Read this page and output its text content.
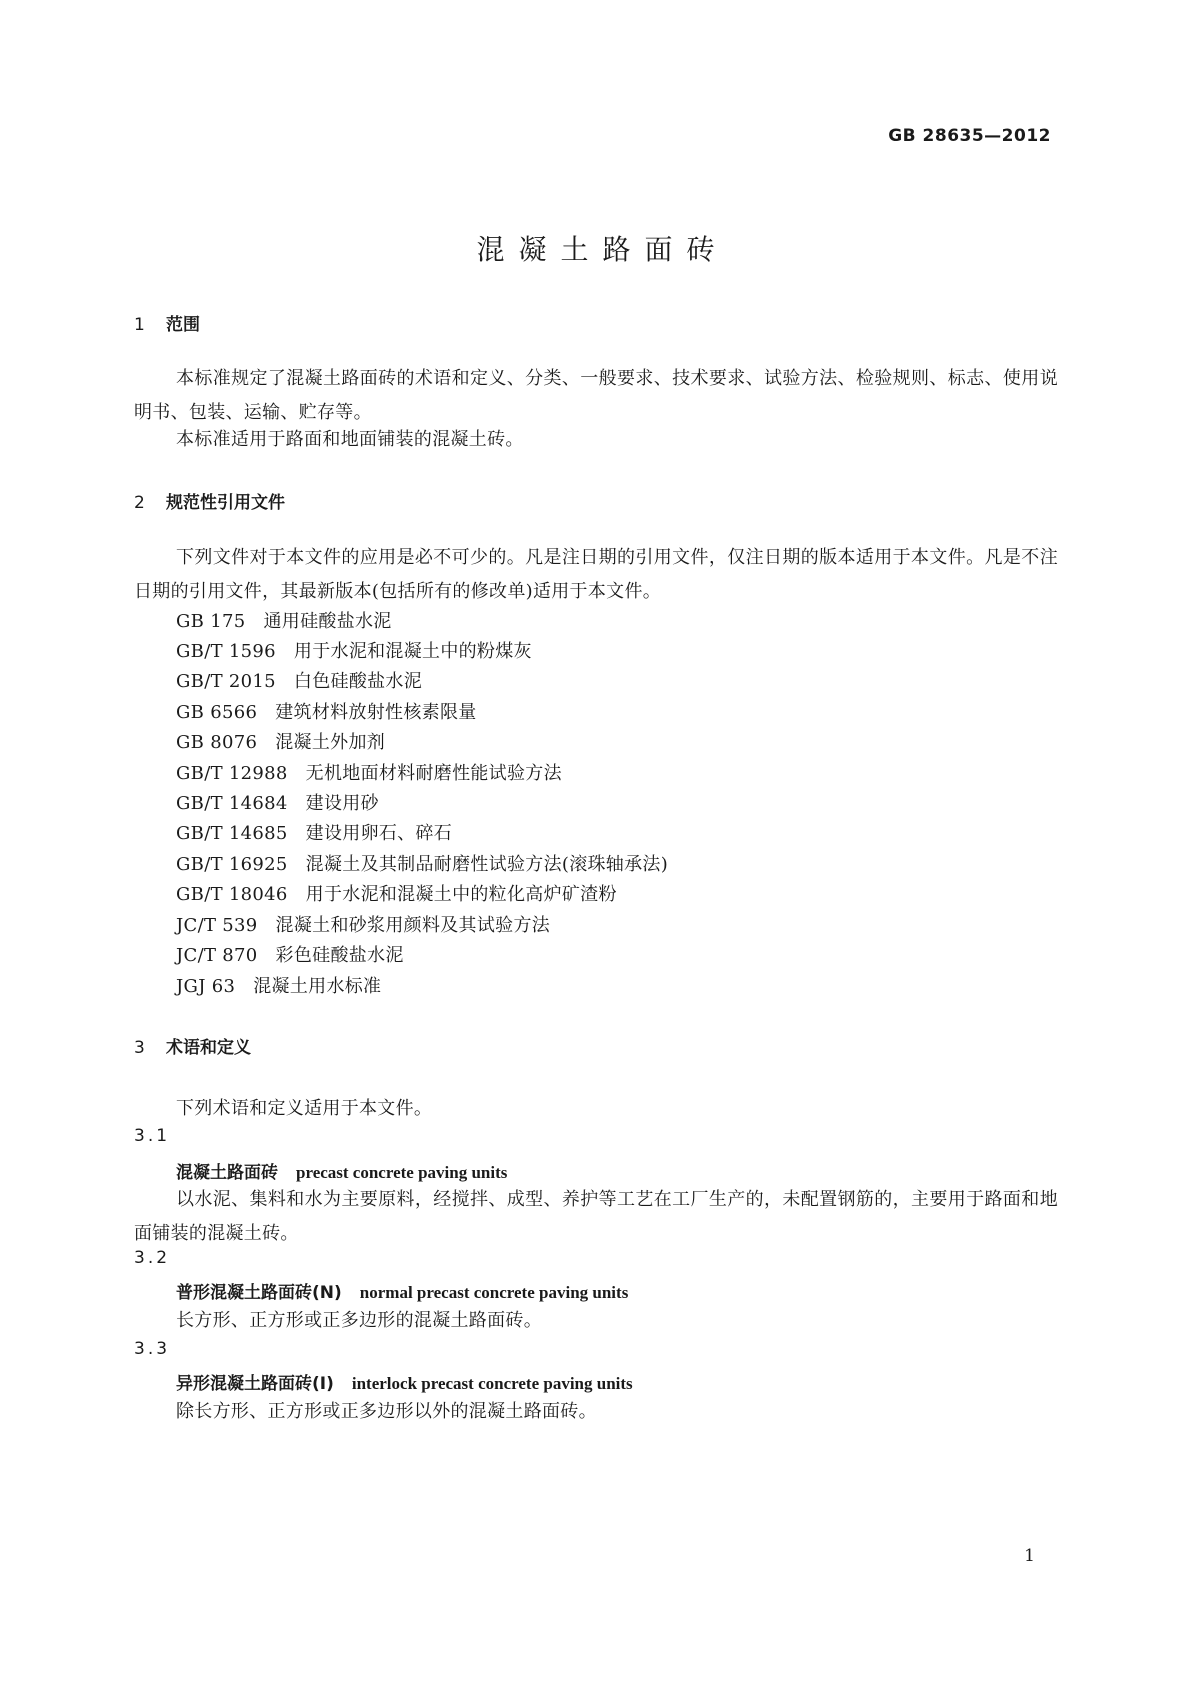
GB 28635—2012
混凝土路面砖
1 范围
本标准规定了混凝土路面砖的术语和定义、分类、一般要求、技术要求、试验方法、检验规则、标志、使用说明书、包装、运输、贮存等。
本标准适用于路面和地面铺装的混凝土砖。
2 规范性引用文件
下列文件对于本文件的应用是必不可少的。凡是注日期的引用文件，仅注日期的版本适用于本文件。凡是不注日期的引用文件，其最新版本(包括所有的修改单)适用于本文件。
GB 175 通用硅酸盐水泥
GB/T 1596 用于水泥和混凝土中的粉煤灰
GB/T 2015 白色硅酸盐水泥
GB 6566 建筑材料放射性核素限量
GB 8076 混凝土外加剂
GB/T 12988 无机地面材料耐磨性能试验方法
GB/T 14684 建设用砂
GB/T 14685 建设用卵石、碎石
GB/T 16925 混凝土及其制品耐磨性试验方法(滚珠轴承法)
GB/T 18046 用于水泥和混凝土中的粒化高炉矿渣粉
JC/T 539 混凝土和砂浆用颜料及其试验方法
JC/T 870 彩色硅酸盐水泥
JGJ 63 混凝土用水标准
3 术语和定义
下列术语和定义适用于本文件。
3.1
混凝土路面砖 precast concrete paving units
以水泥、集料和水为主要原料，经搅拌、成型、养护等工艺在工厂生产的，未配置钢筋的，主要用于路面和地面铺装的混凝土砖。
3.2
普形混凝土路面砖(N) normal precast concrete paving units
长方形、正方形或正多边形的混凝土路面砖。
3.3
异形混凝土路面砖(I) interlock precast concrete paving units
除长方形、正方形或正多边形以外的混凝土路面砖。
1
